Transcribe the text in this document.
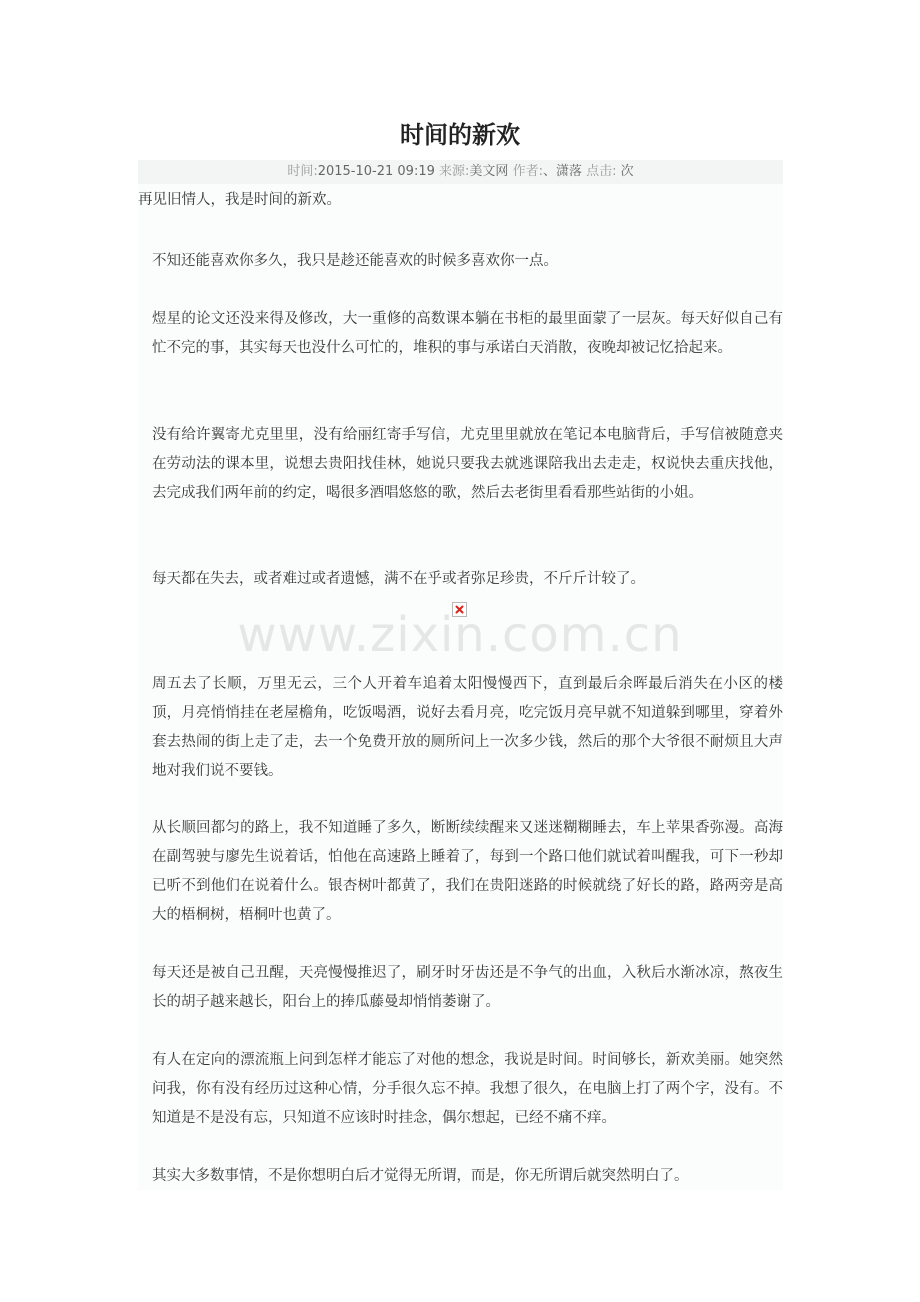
时间的新欢
时间:2015-10-21 09:19 来源:美文网 作者:、潇落 点击: 次

再见旧情人，我是时间的新欢。

不知还能喜欢你多久，我只是趁还能喜欢的时候多喜欢你一点。

煜星的论文还没来得及修改，大一重修的高数课本躺在书柜的最里面蒙了一层灰。每天好似自己有忙不完的事，其实每天也没什么可忙的，堆积的事与承诺白天消散，夜晚却被记忆拾起来。

没有给许翼寄尤克里里，没有给丽红寄手写信，尤克里里就放在笔记本电脑背后，手写信被随意夹在劳动法的课本里，说想去贵阳找佳林，她说只要我去就逃课陪我出去走走，权说快去重庆找他，去完成我们两年前的约定，喝很多酒唱悠悠的歌，然后去老街里看看那些站街的小姐。

每天都在失去，或者难过或者遗憾，满不在乎或者弥足珍贵，不斤斤计较了。

周五去了长顺，万里无云，三个人开着车追着太阳慢慢西下，直到最后余晖最后消失在小区的楼顶，月亮悄悄挂在老屋檐角，吃饭喝酒，说好去看月亮，吃完饭月亮早就不知道躲到哪里，穿着外套去热闹的街上走了走，去一个免费开放的厕所问上一次多少钱，然后的那个大爷很不耐烦且大声地对我们说不要钱。

从长顺回都匀的路上，我不知道睡了多久，断断续续醒来又迷迷糊糊睡去，车上苹果香弥漫。高海在副驾驶与廖先生说着话，怕他在高速路上睡着了，每到一个路口他们就试着叫醒我，可下一秒却已听不到他们在说着什么。银杏树叶都黄了，我们在贵阳迷路的时候就绕了好长的路，路两旁是高大的梧桐树，梧桐叶也黄了。

每天还是被自己丑醒，天亮慢慢推迟了，刷牙时牙齿还是不争气的出血，入秋后水渐冰凉，熬夜生长的胡子越来越长，阳台上的捧瓜藤曼却悄悄萎谢了。

有人在定向的漂流瓶上问到怎样才能忘了对他的想念，我说是时间。时间够长，新欢美丽。她突然问我，你有没有经历过这种心情，分手很久忘不掉。我想了很久，在电脑上打了两个字，没有。不知道是不是没有忘，只知道不应该时时挂念，偶尔想起，已经不痛不痒。

其实大多数事情，不是你想明白后才觉得无所谓，而是，你无所谓后就突然明白了。
